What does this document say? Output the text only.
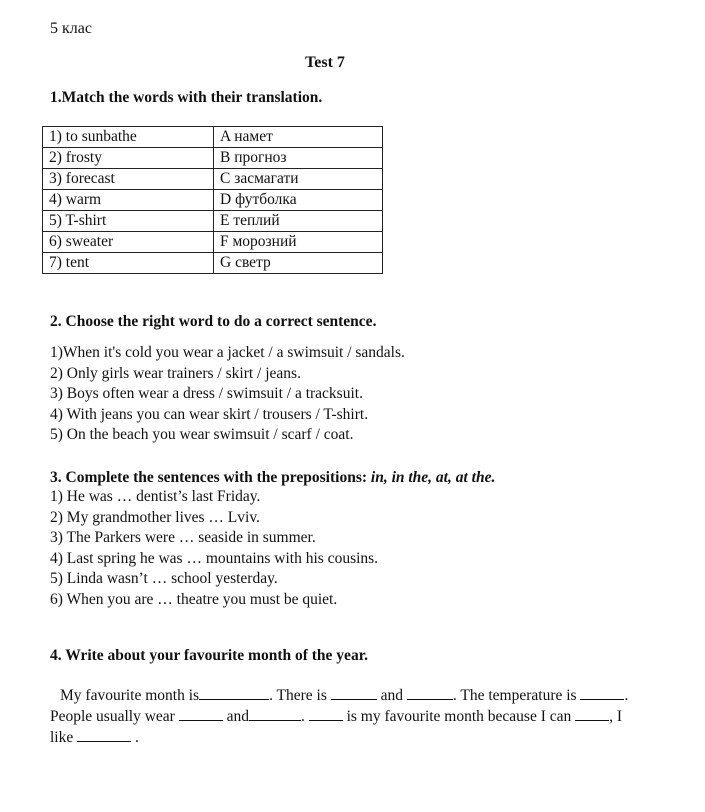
5 клас
Test 7
1.Match the words with their translation.
1) to sunbathe	A намет
2) frosty	B прогноз
3) forecast	C засмагати
4) warm	D футболка
5) T-shirt	E теплий
6) sweater	F морозний
7) tent	G светр
2. Choose the right word to do a correct sentence.
1)When it's cold you wear a jacket / a swimsuit / sandals.
2) Only girls wear trainers / skirt / jeans.
3) Boys often wear a dress / swimsuit / a tracksuit.
4) With jeans you can wear skirt / trousers / T-shirt.
5) On the beach you wear swimsuit / scarf / coat.
3. Complete the sentences with the prepositions: in, in the, at, at the.
1) He was … dentist’s last Friday.
2) My grandmother lives … Lviv.
3) The Parkers were … seaside in summer.
4) Last spring he was … mountains with his cousins.
5) Linda wasn’t … school yesterday.
6) When you are … theatre you must be quiet.
4. Write about your favourite month of the year.
My favourite month is	. There is	and	. The temperature is	.
People usually wear	and	.	is my favourite month because I can , I
like	.
